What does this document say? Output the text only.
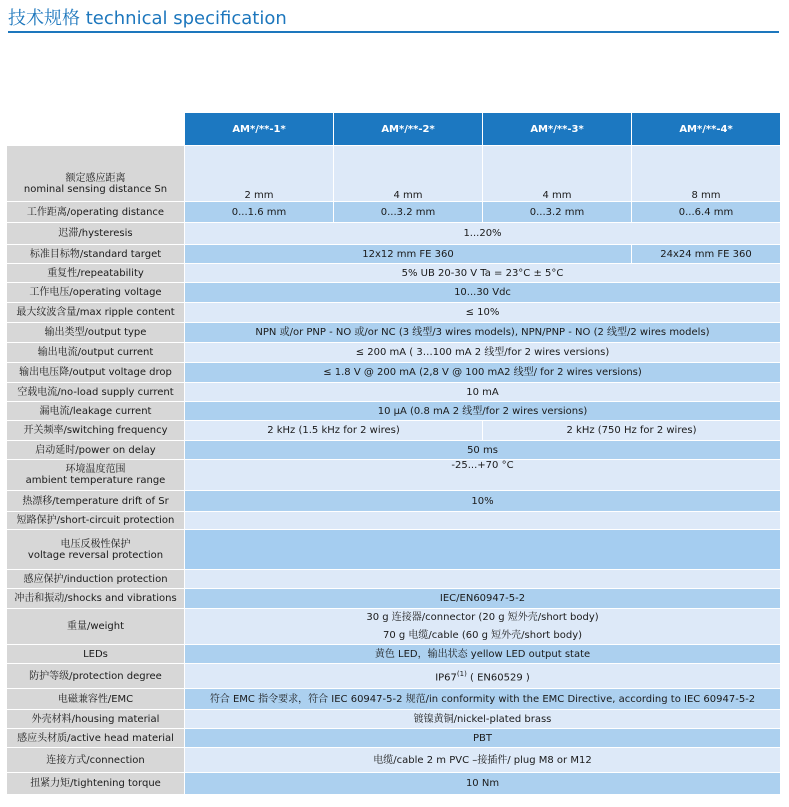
技术规格 technical specification
	AM*/**-1*	AM*/**-2*	AM*/**-3*	AM*/**-4*

额定感应距离
nominal sensing distance Sn	2 mm	4 mm	4 mm	8 mm
工作距离/operating distance	0...1.6 mm	0...3.2 mm	0...3.2 mm	0...6.4 mm
迟滞/hysteresis	1...20%			
标准目标物/standard target	12x12 mm FE 360			24x24 mm FE 360
重复性/repeatability	5% UB 20-30 V Ta = 23°C ± 5°C			
工作电压/operating voltage	10...30 Vdc			
最大纹波含量/max ripple content	≤ 10%			
输出类型/output type	NPN 或/or PNP - NO 或/or NC (3 线型/3 wires models), NPN/PNP - NO (2 线型/2 wires models)			
输出电流/output current	≤ 200 mA ( 3…100 mA 2 线型/for 2 wires versions)			
输出电压降/output voltage drop	≤ 1.8 V @ 200 mA (2,8 V @ 100 mA2 线型/ for 2 wires versions)			
空载电流/no-load supply current	10 mA			
漏电流/leakage current	10 μA (0.8 mA 2 线型/for 2 wires versions)			
开关频率/switching frequency	2 kHz (1.5 kHz for 2 wires)		2 kHz (750 Hz for 2 wires)	
启动延时/power on delay	50 ms			

环境温度范围
ambient temperature range	-25...+70 °C			
热漂移/temperature drift of Sr	10%			
短路保护/short-circuit protection				

电压反极性保护
voltage reversal protection				

感应保护/induction protection				
冲击和振动/shocks and vibrations	IEC/EN60947-5-2			
重量/weight	30 g 连接器/connector (20 g 短外壳/short body)
70 g 电缆/cable (60 g 短外壳/short body)			

LEDs	黄色 LED，输出状态 yellow LED output state			
防护等级/protection degree	IP67$^{(1)}$ ( EN60529 )			
电磁兼容性/EMC	符合 EMC 指令要求，符合 IEC 60947-5-2 规范/in conformity with the EMC Directive, according to IEC 60947-5-2			
外壳材料/housing material	镀镍黄铜/nickel-plated brass			
感应头材质/active head material	PBT			
连接方式/connection	电缆/cable 2 m PVC –接插件/ plug M8 or M12			
扭紧力矩/tightening torque	10 Nm			
